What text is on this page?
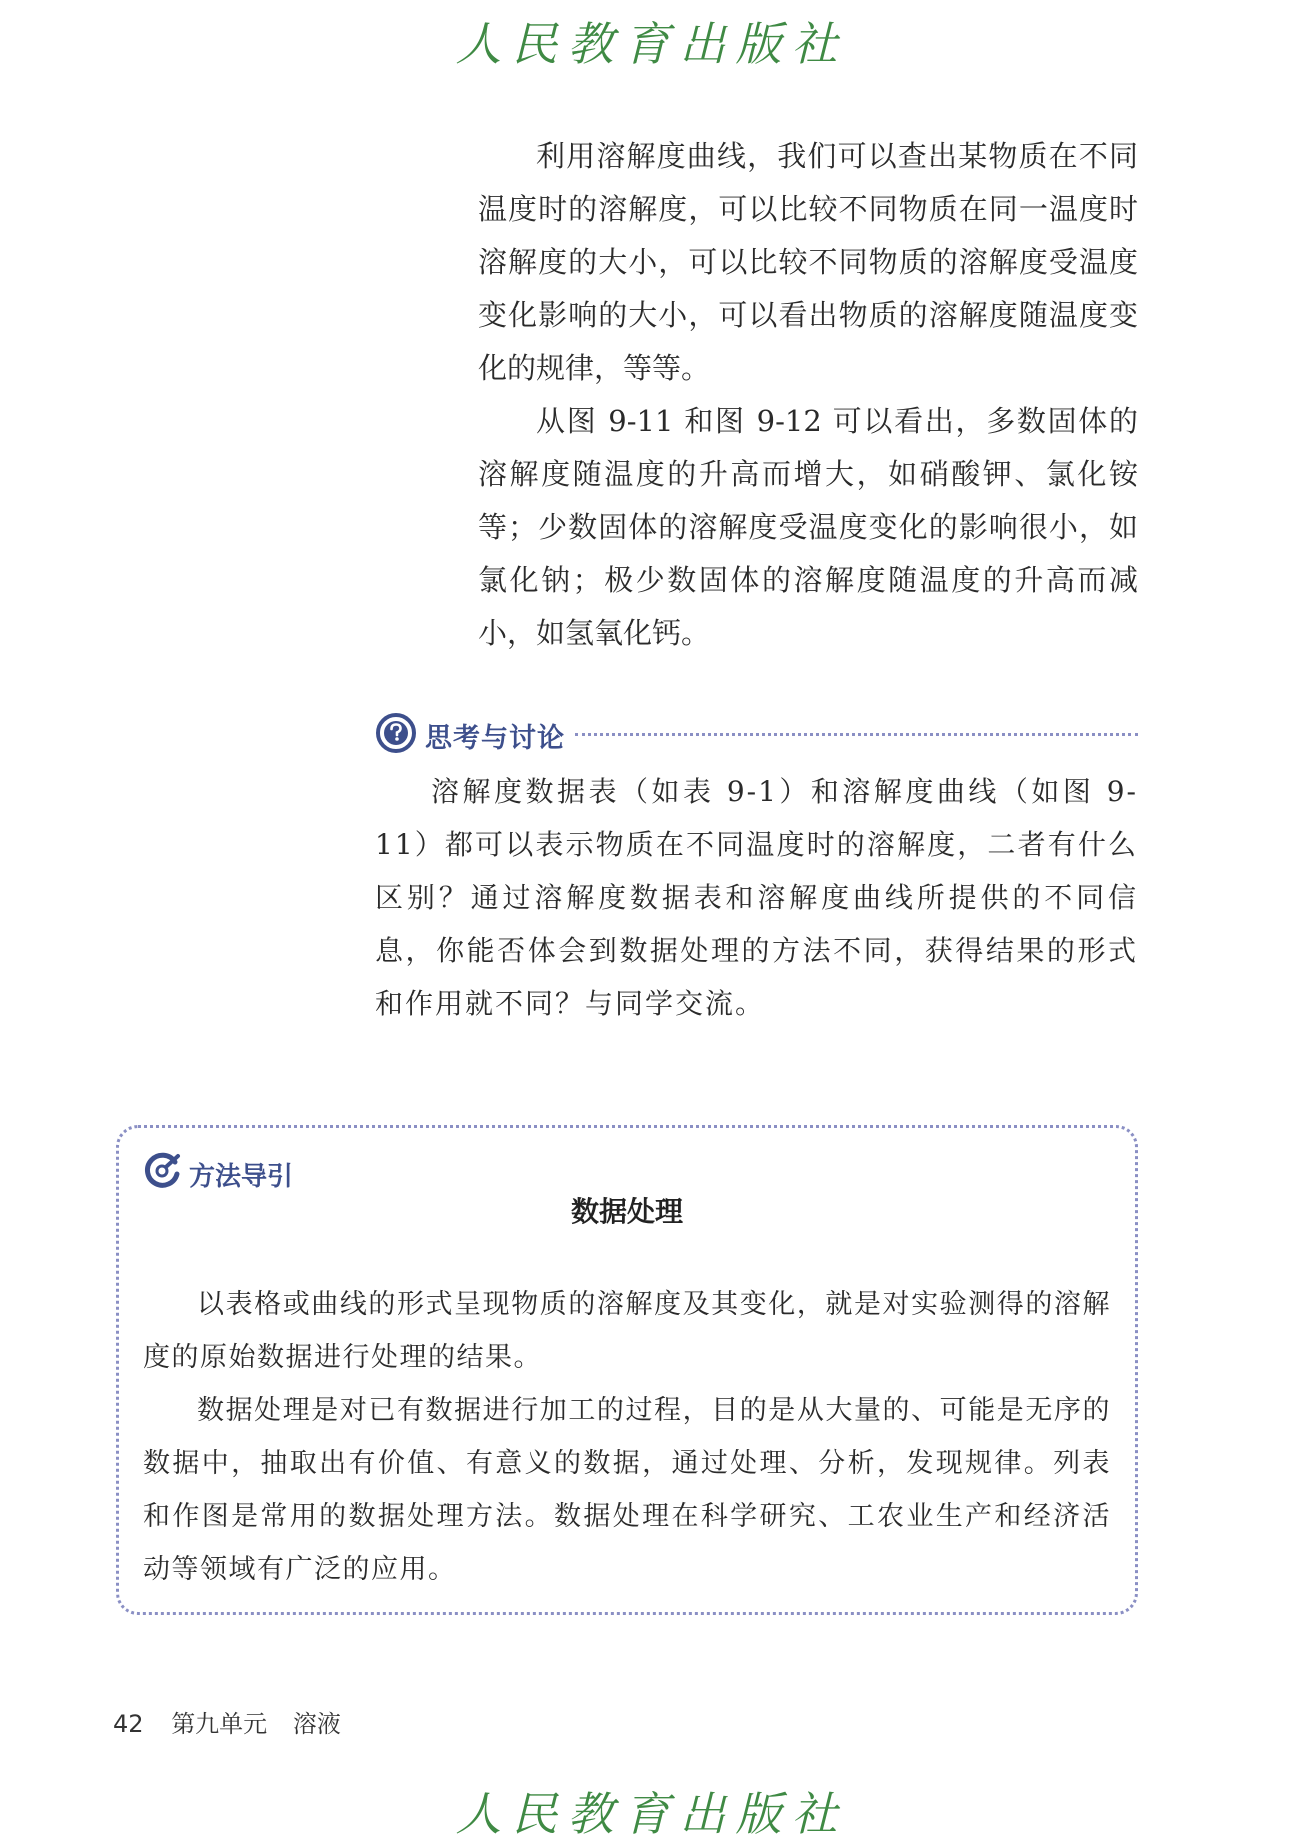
人民教育出版社

利用溶解度曲线，我们可以查出某物质在不同温度时的溶解度，可以比较不同物质在同一温度时溶解度的大小，可以比较不同物质的溶解度受温度变化影响的大小，可以看出物质的溶解度随温度变化的规律，等等。

从图 9-11 和图 9-12 可以看出，多数固体的溶解度随温度的升高而增大，如硝酸钾、氯化铵等；少数固体的溶解度受温度变化的影响很小，如氯化钠；极少数固体的溶解度随温度的升高而减小，如氢氧化钙。

思考与讨论

溶解度数据表（如表 9-1）和溶解度曲线（如图 9-11）都可以表示物质在不同温度时的溶解度，二者有什么区别？通过溶解度数据表和溶解度曲线所提供的不同信息，你能否体会到数据处理的方法不同，获得结果的形式和作用就不同？与同学交流。

方法导引
数据处理

以表格或曲线的形式呈现物质的溶解度及其变化，就是对实验测得的溶解度的原始数据进行处理的结果。

数据处理是对已有数据进行加工的过程，目的是从大量的、可能是无序的数据中，抽取出有价值、有意义的数据，通过处理、分析，发现规律。列表和作图是常用的数据处理方法。数据处理在科学研究、工农业生产和经济活动等领域有广泛的应用。

42 第九单元 溶液
人民教育出版社
